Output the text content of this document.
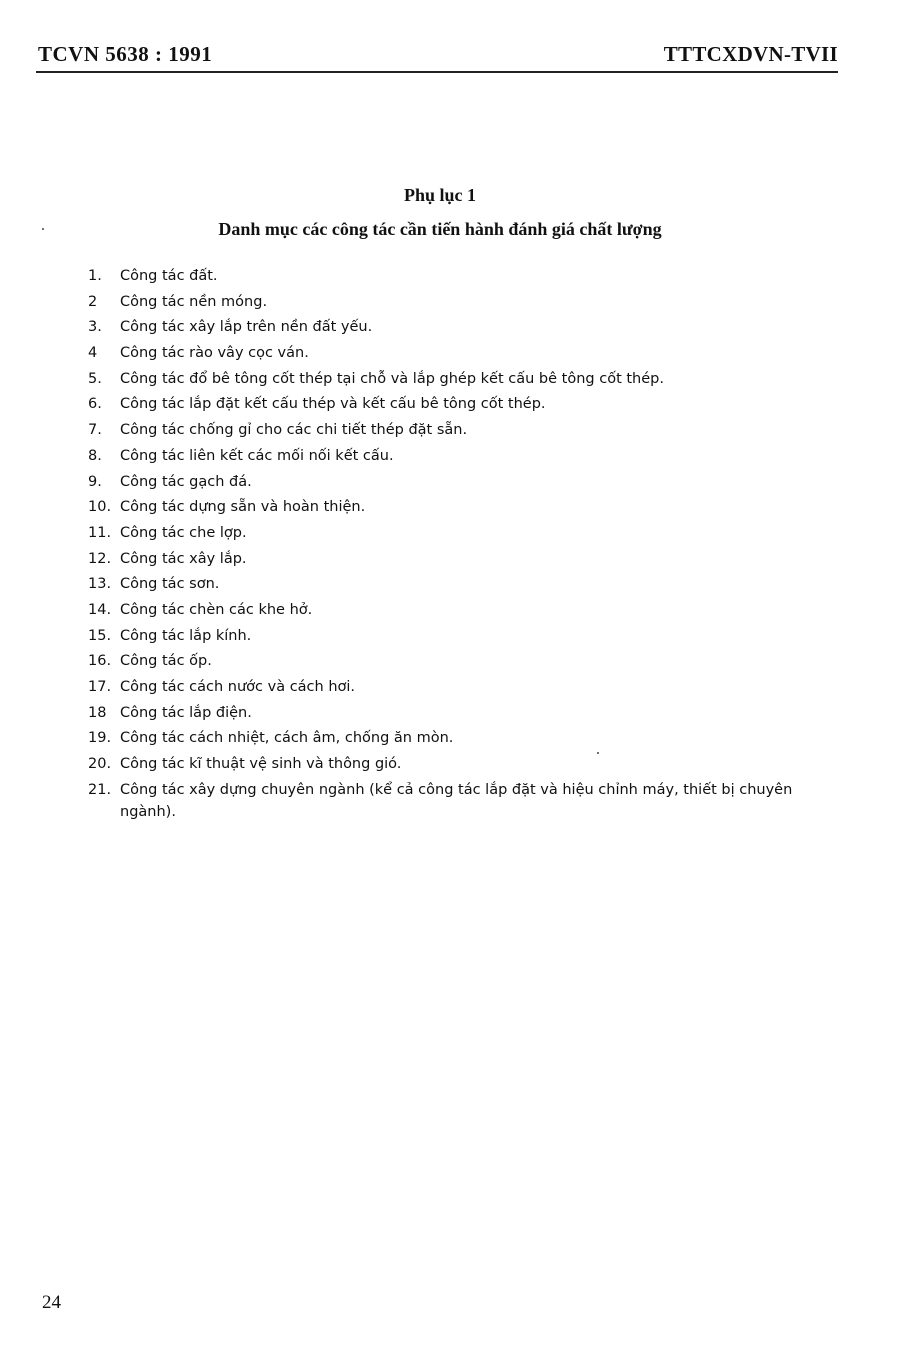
TCVN 5638 : 1991	TTTCXDVN-TVII
Phụ lục 1
Danh mục các công tác cần tiến hành đánh giá chất lượng
1.	Công tác đất.
2	Công tác nền móng.
3.	Công tác xây lắp trên nền đất yếu.
4	Công tác rào vây cọc ván.
5.	Công tác đổ bê tông cốt thép tại chỗ và lắp ghép kết cấu bê tông cốt thép.
6.	Công tác lắp đặt kết cấu thép và kết cấu bê tông cốt thép.
7.	Công tác chống gỉ cho các chi tiết thép đặt sẵn.
8.	Công tác liên kết các mối nối kết cấu.
9.	Công tác gạch đá.
10. Công tác dựng sẵn và hoàn thiện.
11. Công tác che lợp.
12. Công tác xây lắp.
13. Công tác sơn.
14. Công tác chèn các khe hở.
15. Công tác lắp kính.
16. Công tác ốp.
17. Công tác cách nước và cách hơi.
18 Công tác lắp điện.
19. Công tác cách nhiệt, cách âm, chống ăn mòn.
20. Công tác kĩ thuật vệ sinh và thông gió.
21. Công tác xây dựng chuyên ngành (kể cả công tác lắp đặt và hiệu chỉnh máy, thiết bị chuyên ngành).
24
